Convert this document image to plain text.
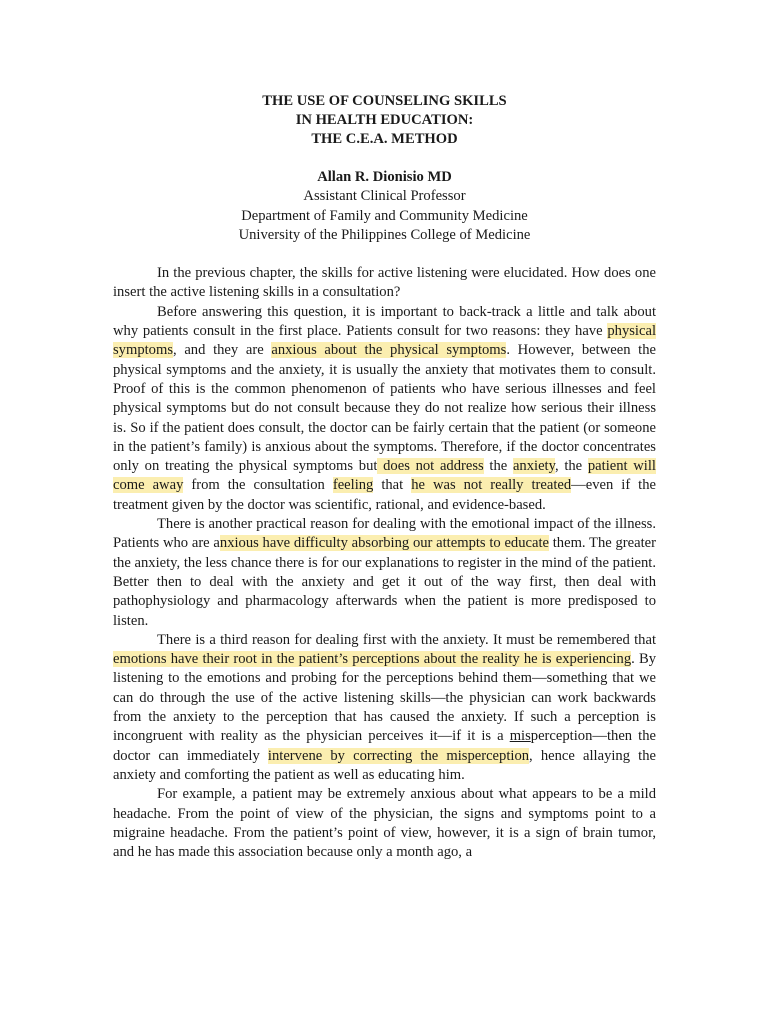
THE USE OF COUNSELING SKILLS
IN HEALTH EDUCATION:
THE C.E.A. METHOD
Allan R. Dionisio MD
Assistant Clinical Professor
Department of Family and Community Medicine
University of the Philippines College of Medicine

In the previous chapter, the skills for active listening were elucidated. How does one insert the active listening skills in a consultation?

Before answering this question, it is important to back-track a little and talk about why patients consult in the first place. Patients consult for two reasons: they have physical symptoms, and they are anxious about the physical symptoms. However, between the physical symptoms and the anxiety, it is usually the anxiety that motivates them to consult. Proof of this is the common phenomenon of patients who have serious illnesses and feel physical symptoms but do not consult because they do not realize how serious their illness is. So if the patient does consult, the doctor can be fairly certain that the patient (or someone in the patient’s family) is anxious about the symptoms. Therefore, if the doctor concentrates only on treating the physical symptoms but does not address the anxiety, the patient will come away from the consultation feeling that he was not really treated—even if the treatment given by the doctor was scientific, rational, and evidence-based.

There is another practical reason for dealing with the emotional impact of the illness. Patients who are anxious have difficulty absorbing our attempts to educate them. The greater the anxiety, the less chance there is for our explanations to register in the mind of the patient. Better then to deal with the anxiety and get it out of the way first, then deal with pathophysiology and pharmacology afterwards when the patient is more predisposed to listen.

There is a third reason for dealing first with the anxiety. It must be remembered that emotions have their root in the patient’s perceptions about the reality he is experiencing. By listening to the emotions and probing for the perceptions behind them—something that we can do through the use of the active listening skills—the physician can work backwards from the anxiety to the perception that has caused the anxiety. If such a perception is incongruent with reality as the physician perceives it—if it is a misperception—then the doctor can immediately intervene by correcting the misperception, hence allaying the anxiety and comforting the patient as well as educating him.

For example, a patient may be extremely anxious about what appears to be a mild headache. From the point of view of the physician, the signs and symptoms point to a migraine headache. From the patient’s point of view, however, it is a sign of brain tumor, and he has made this association because only a month ago, a
